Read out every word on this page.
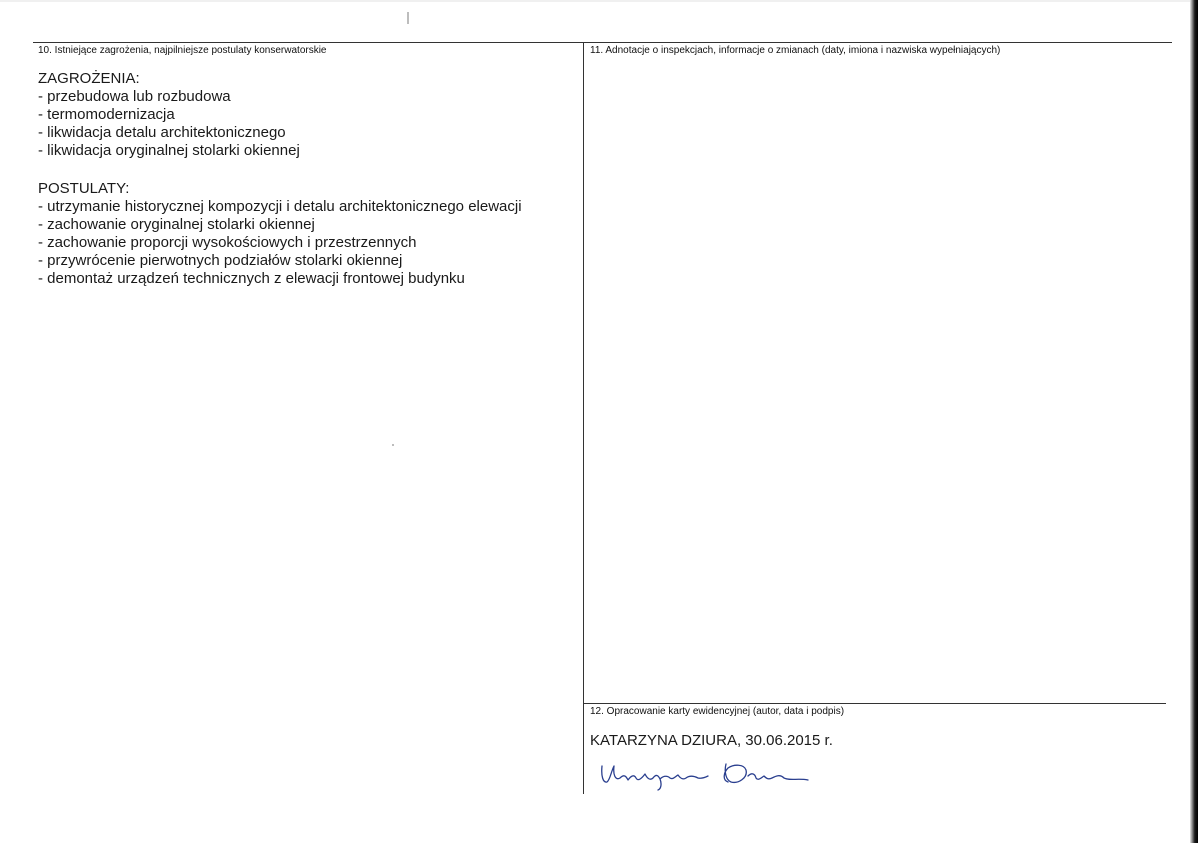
10. Istniejące zagrożenia, najpilniejsze postulaty konserwatorskie	11. Adnotacje o inspekcjach, informacje o zmianach (daty, imiona i nazwiska wypełniających)
12. Opracowanie karty ewidencyjnej (autor, data i podpis)

ZAGROŻENIA:

- przebudowa lub rozbudowa
- termomodernizacja
- likwidacja detalu architektonicznego
- likwidacja oryginalnej stolarki okiennej

POSTULATY:

- utrzymanie historycznej kompozycji i detalu architektonicznego elewacji
- zachowanie oryginalnej stolarki okiennej
- zachowanie proporcji wysokościowych i przestrzennych
- przywrócenie pierwotnych podziałów stolarki okiennej
- demontaż urządzeń technicznych z elewacji frontowej budynku
KATARZYNA DZIURA, 30.06.2015 r.
